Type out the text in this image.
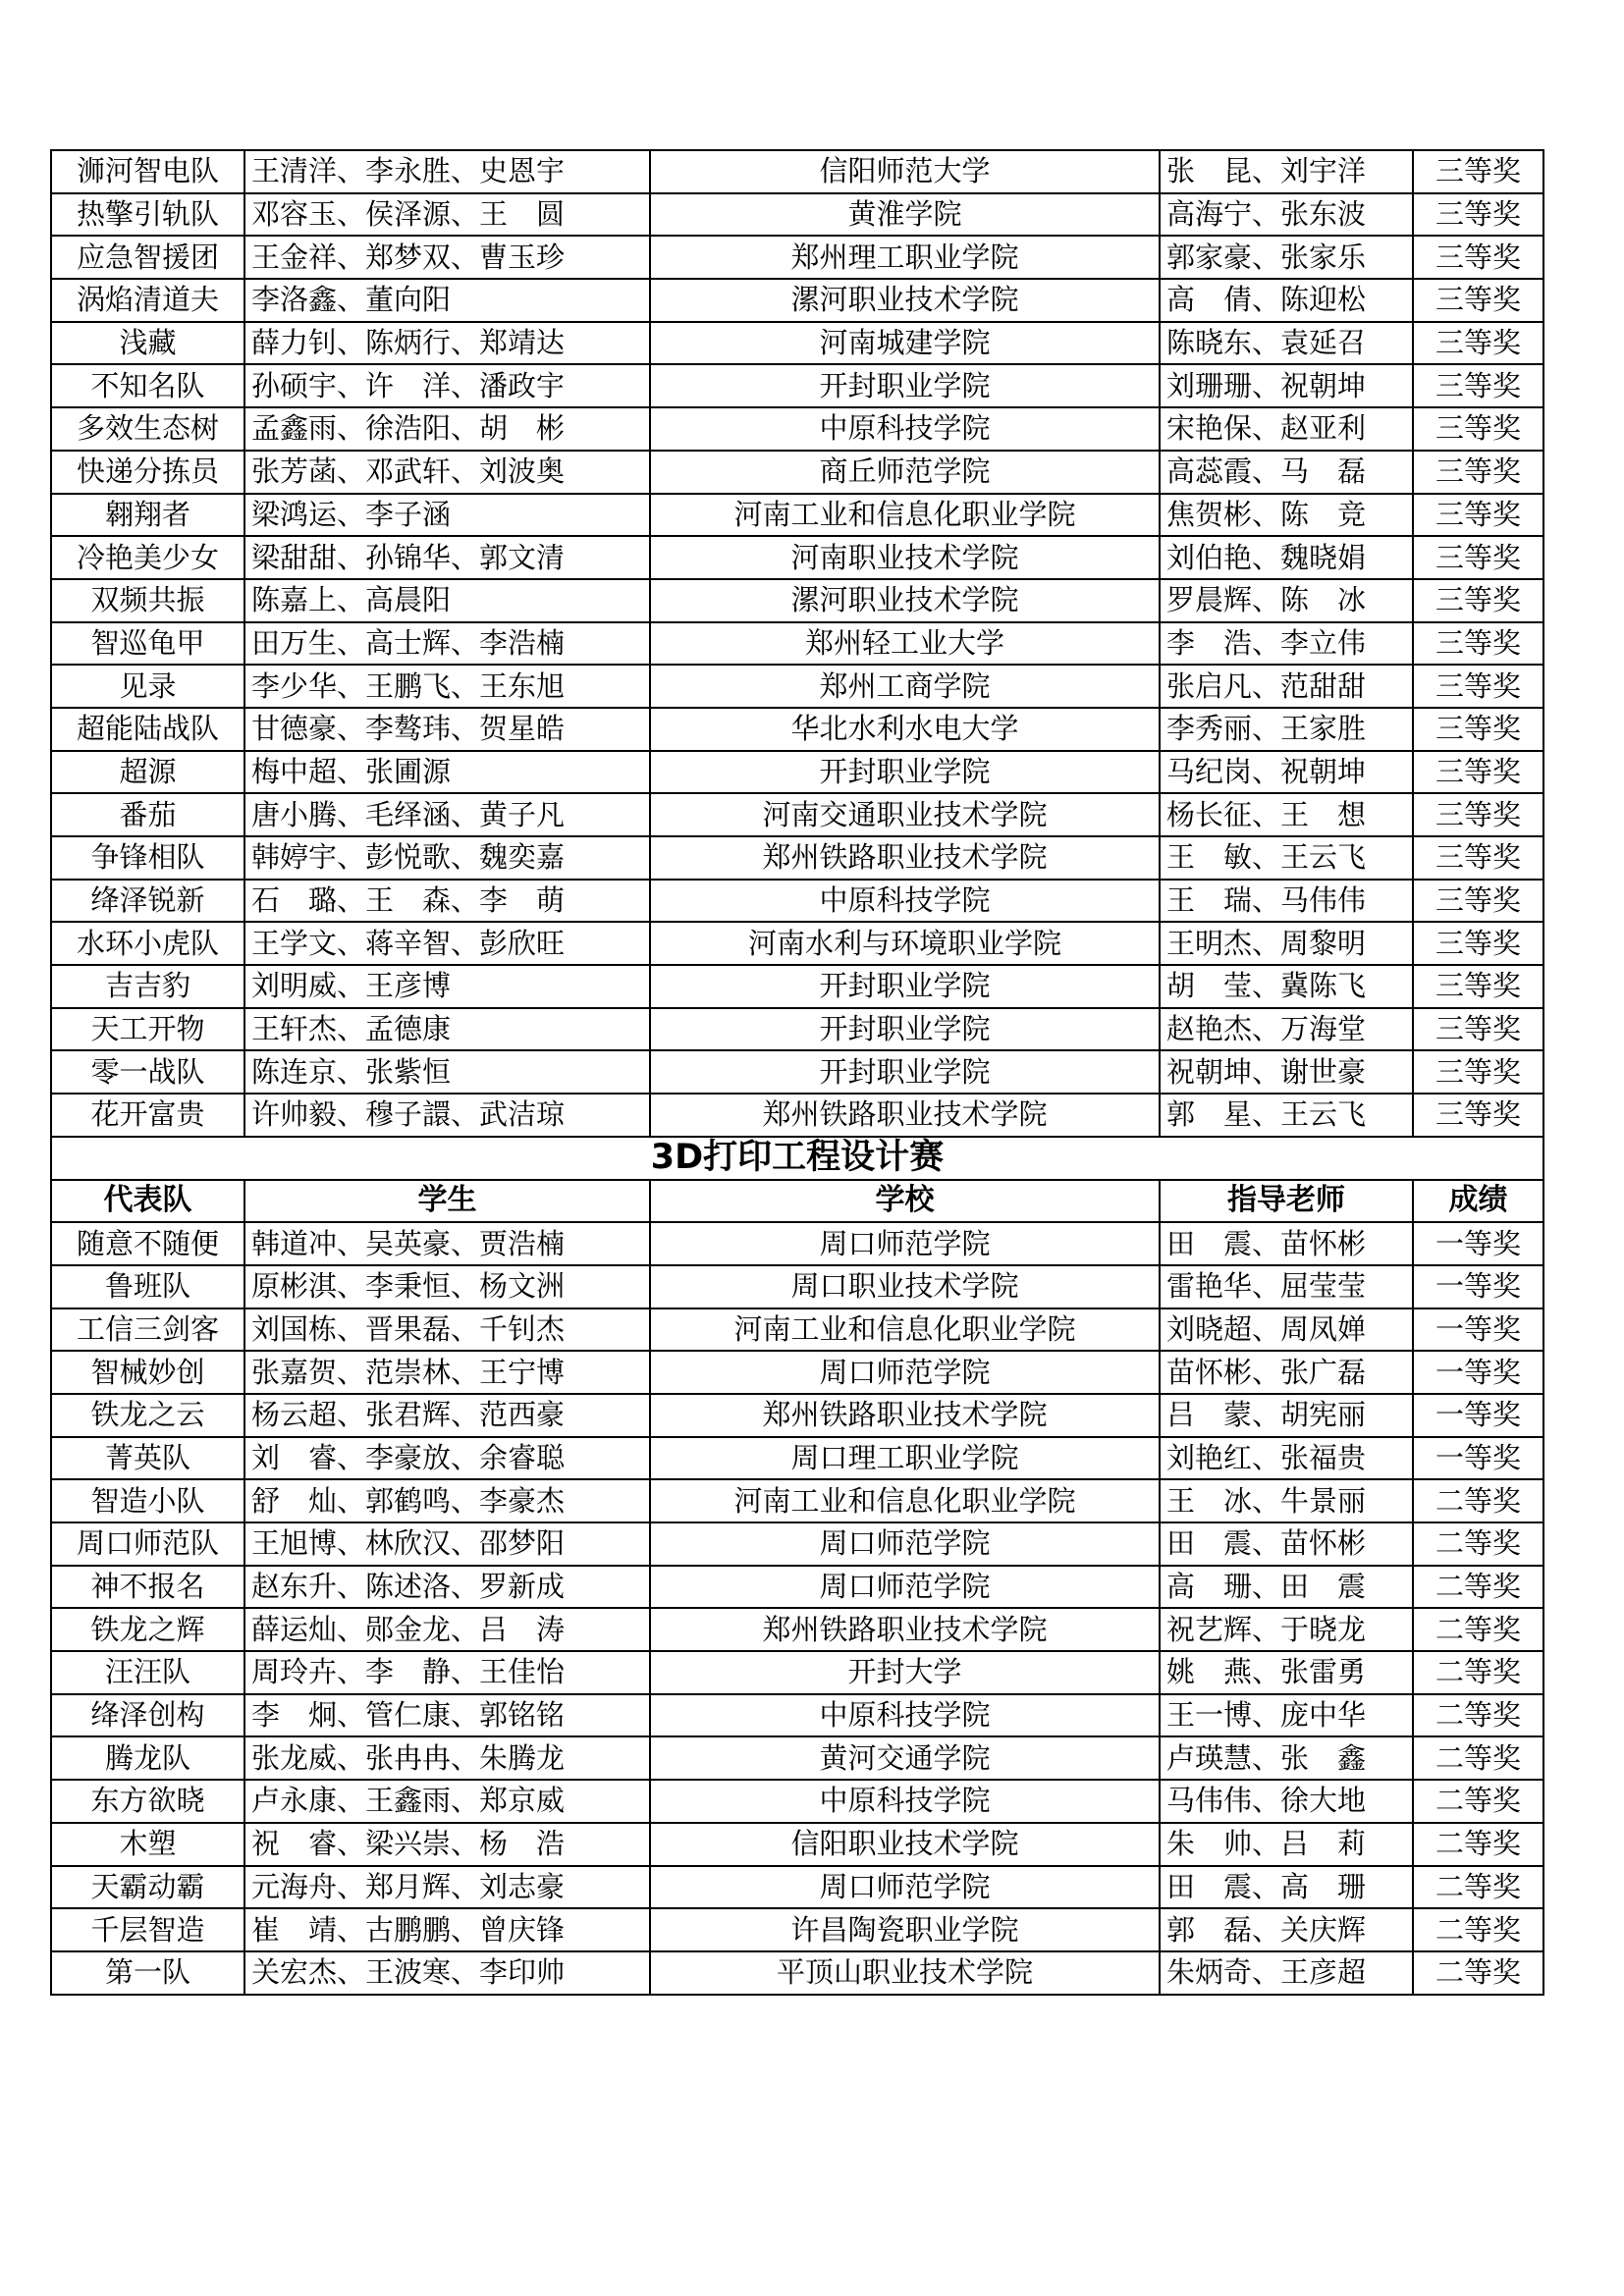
浉河智电队	王清洋、李永胜、史恩宇	信阳师范大学	张　昆、刘宇洋	三等奖
热擎引轨队	邓容玉、侯泽源、王　圆	黄淮学院	高海宁、张东波	三等奖
应急智援团	王金祥、郑梦双、曹玉珍	郑州理工职业学院	郭家豪、张家乐	三等奖
涡焰清道夫	李洛鑫、董向阳	漯河职业技术学院	高　倩、陈迎松	三等奖
浅藏	薛力钊、陈炳行、郑靖达	河南城建学院	陈晓东、袁延召	三等奖
不知名队	孙硕宇、许　洋、潘政宇	开封职业学院	刘珊珊、祝朝坤	三等奖
多效生态树	孟鑫雨、徐浩阳、胡　彬	中原科技学院	宋艳保、赵亚利	三等奖
快递分拣员	张芳菡、邓武轩、刘波奥	商丘师范学院	高蕊霞、马　磊	三等奖
翱翔者	梁鸿运、李子涵	河南工业和信息化职业学院	焦贺彬、陈　竞	三等奖
冷艳美少女	梁甜甜、孙锦华、郭文清	河南职业技术学院	刘伯艳、魏晓娟	三等奖
双频共振	陈嘉上、高晨阳	漯河职业技术学院	罗晨辉、陈　冰	三等奖
智巡龟甲	田万生、高士辉、李浩楠	郑州轻工业大学	李　浩、李立伟	三等奖
见录	李少华、王鹏飞、王东旭	郑州工商学院	张启凡、范甜甜	三等奖
超能陆战队	甘德豪、李骜玮、贺星皓	华北水利水电大学	李秀丽、王家胜	三等奖
超源	梅中超、张圃源	开封职业学院	马纪岗、祝朝坤	三等奖
番茄	唐小腾、毛绎涵、黄子凡	河南交通职业技术学院	杨长征、王　想	三等奖
争锋相队	韩婷宇、彭悦歌、魏奕嘉	郑州铁路职业技术学院	王　敏、王云飞	三等奖
绛泽锐新	石　璐、王　森、李　萌	中原科技学院	王　瑞、马伟伟	三等奖
水环小虎队	王学文、蒋辛智、彭欣旺	河南水利与环境职业学院	王明杰、周黎明	三等奖
吉吉豹	刘明威、王彦博	开封职业学院	胡　莹、冀陈飞	三等奖
天工开物	王轩杰、孟德康	开封职业学院	赵艳杰、万海堂	三等奖
零一战队	陈连京、张紫恒	开封职业学院	祝朝坤、谢世豪	三等奖
花开富贵	许帅毅、穆子譞、武洁琼	郑州铁路职业技术学院	郭　星、王云飞	三等奖
3D打印工程设计赛				
代表队	学生	学校	指导老师	成绩
随意不随便	韩道冲、吴英豪、贾浩楠	周口师范学院	田　震、苗怀彬	一等奖
鲁班队	原彬淇、李秉恒、杨文洲	周口职业技术学院	雷艳华、屈莹莹	一等奖
工信三剑客	刘国栋、晋果磊、千钊杰	河南工业和信息化职业学院	刘晓超、周凤婵	一等奖
智械妙创	张嘉贺、范崇林、王宁博	周口师范学院	苗怀彬、张广磊	一等奖
铁龙之云	杨云超、张君辉、范西豪	郑州铁路职业技术学院	吕　蒙、胡宪丽	一等奖
菁英队	刘　睿、李豪放、余睿聪	周口理工职业学院	刘艳红、张福贵	一等奖
智造小队	舒　灿、郭鹤鸣、李豪杰	河南工业和信息化职业学院	王　冰、牛景丽	二等奖
周口师范队	王旭博、林欣汉、邵梦阳	周口师范学院	田　震、苗怀彬	二等奖
神不报名	赵东升、陈述洛、罗新成	周口师范学院	高　珊、田　震	二等奖
铁龙之辉	薛运灿、郧金龙、吕　涛	郑州铁路职业技术学院	祝艺辉、于晓龙	二等奖
汪汪队	周玲卉、李　静、王佳怡	开封大学	姚　燕、张雷勇	二等奖
绛泽创构	李　炯、管仁康、郭铭铭	中原科技学院	王一博、庞中华	二等奖
腾龙队	张龙威、张冉冉、朱腾龙	黄河交通学院	卢瑛慧、张　鑫	二等奖
东方欲晓	卢永康、王鑫雨、郑京威	中原科技学院	马伟伟、徐大地	二等奖
木塑	祝　睿、梁兴崇、杨　浩	信阳职业技术学院	朱　帅、吕　莉	二等奖
天霸动霸	元海舟、郑月辉、刘志豪	周口师范学院	田　震、高　珊	二等奖
千层智造	崔　靖、古鹏鹏、曾庆锋	许昌陶瓷职业学院	郭　磊、关庆辉	二等奖
第一队	关宏杰、王波寒、李印帅	平顶山职业技术学院	朱炳奇、王彦超	二等奖
